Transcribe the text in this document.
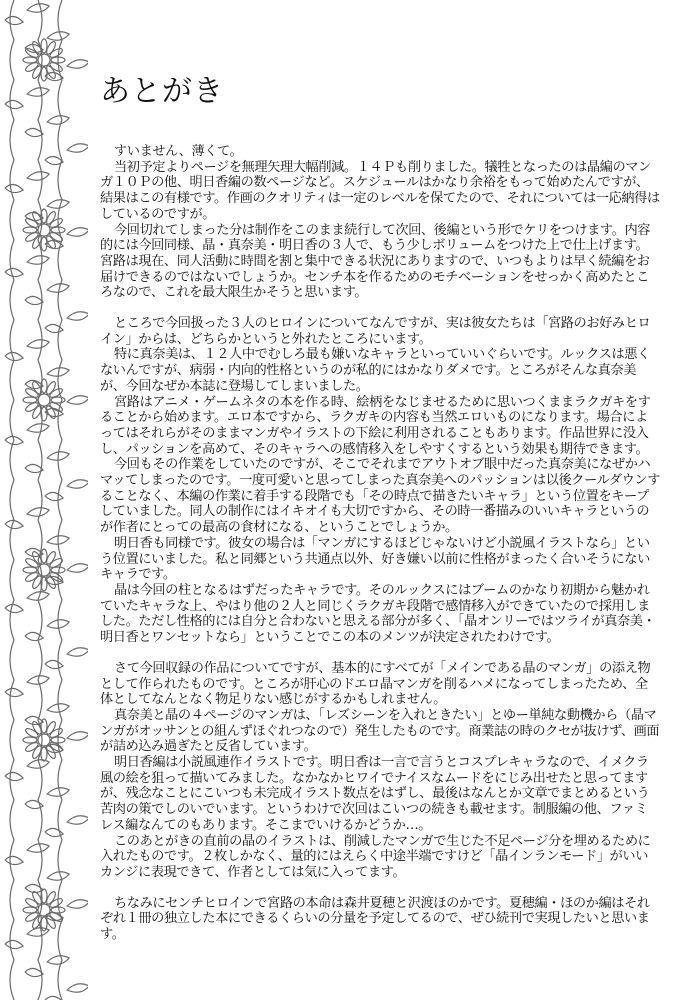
あとがき

すいません、薄くて。

当初予定よりページを無理矢理大幅削減。１４Ｐも削りました。犠牲となったのは晶編のマンガ１０Ｐの他、明日香編の数ページなど。スケジュールはかなり余裕をもって始めたんですが、結果はこの有様です。作画のクオリティは一定のレベルを保てたので、それについては一応納得はしているのですが。

今回切れてしまった分は制作をこのまま続行して次回、後編という形でケリをつけます。内容的には今回同様、晶・真奈美・明日香の３人で、もう少しボリュームをつけた上で仕上げます。宮路は現在、同人活動に時間を割と集中できる状況にありますので、いつもよりは早く続編をお届けできるのではないでしょうか。センチ本を作るためのモチベーションをせっかく高めたところなので、これを最大限生かそうと思います。

ところで今回扱った３人のヒロインについてなんですが、実は彼女たちは「宮路のお好みヒロイン」からは、どちらかというと外れたところにいます。

特に真奈美は、１２人中でむしろ最も嫌いなキャラといっていいぐらいです。ルックスは悪くないんですが、病弱・内向的性格というのが私的にはかなりダメです。ところがそんな真奈美が、今回なぜか本誌に登場してしまいました。

宮路はアニメ・ゲームネタの本を作る時、絵柄をなじませるために思いつくままラクガキをすることから始めます。エロ本ですから、ラクガキの内容も当然エロいものになります。場合によってはそれらがそのままマンガやイラストの下絵に利用されることもあります。作品世界に没入し、パッションを高めて、そのキャラへの感情移入をしやすくするという効果も期待できます。

今回もその作業をしていたのですが、そこでそれまでアウトオブ眼中だった真奈美になぜかハマッてしまったのです。一度可愛いと思ってしまった真奈美へのパッションは以後クールダウンすることなく、本編の作業に着手する段階でも「その時点で描きたいキャラ」という位置をキープしていました。同人の制作にはイキオイも大切ですから、その時一番描みのいいキャラというのが作者にとっての最高の食材になる、ということでしょうか。

明日香も同様です。彼女の場合は「マンガにするほどじゃないけど小説風イラストなら」という位置にいました。私と同郷という共通点以外、好き嫌い以前に性格がまったく合いそうにないキャラです。

晶は今回の柱となるはずだったキャラです。そのルックスにはブームのかなり初期から魅かれていたキャラな上、やはり他の２人と同じくラクガキ段階で感情移入ができていたので採用しました。ただし性格的には自分と合わないと思える部分が多く、「晶オンリーではツライが真奈美・明日香とワンセットなら」ということでこの本のメンツが決定されたわけです。

さて今回収録の作品についてですが、基本的にすべてが「メインである晶のマンガ」の添え物として作られたものです。ところが肝心のドエロ晶マンガを削るハメになってしまったため、全体としてなんとなく物足りない感じがするかもしれません。

真奈美と晶の４ページのマンガは、「レズシーンを入れときたい」とゆー単純な動機から（晶マンガがオッサンとの組んずほぐれつなので）発生したものです。商業誌の時のクセが抜けず、画面が詰め込み過ぎたと反省しています。

明日香編は小説風連作イラストです。明日香は一言で言うとコスプレキャラなので、イメクラ風の絵を狙って描いてみました。なかなかヒワイでナイスなムードをにじみ出せたと思ってますが、残念なことにこいつも未完成イラスト数点をはずし、最後はなんとか文章でまとめるという苦肉の策でしのいでいます。というわけで次回はこいつの続きも載せます。制服編の他、ファミレス編なんてのもあります。そこまでいけるかどうか…。

このあとがきの直前の晶のイラストは、削減したマンガで生じた不足ページ分を埋めるために入れたものです。２枚しかなく、量的にはえらく中途半端ですけど「晶インランモード」がいいカンジに表現できて、作者としては気に入ってます。

ちなみにセンチヒロインで宮路の本命は森井夏穂と沢渡ほのかです。夏穂編・ほのか編はそれぞれ１冊の独立した本にできるくらいの分量を予定してるので、ぜひ続刊で実現したいと思います。
